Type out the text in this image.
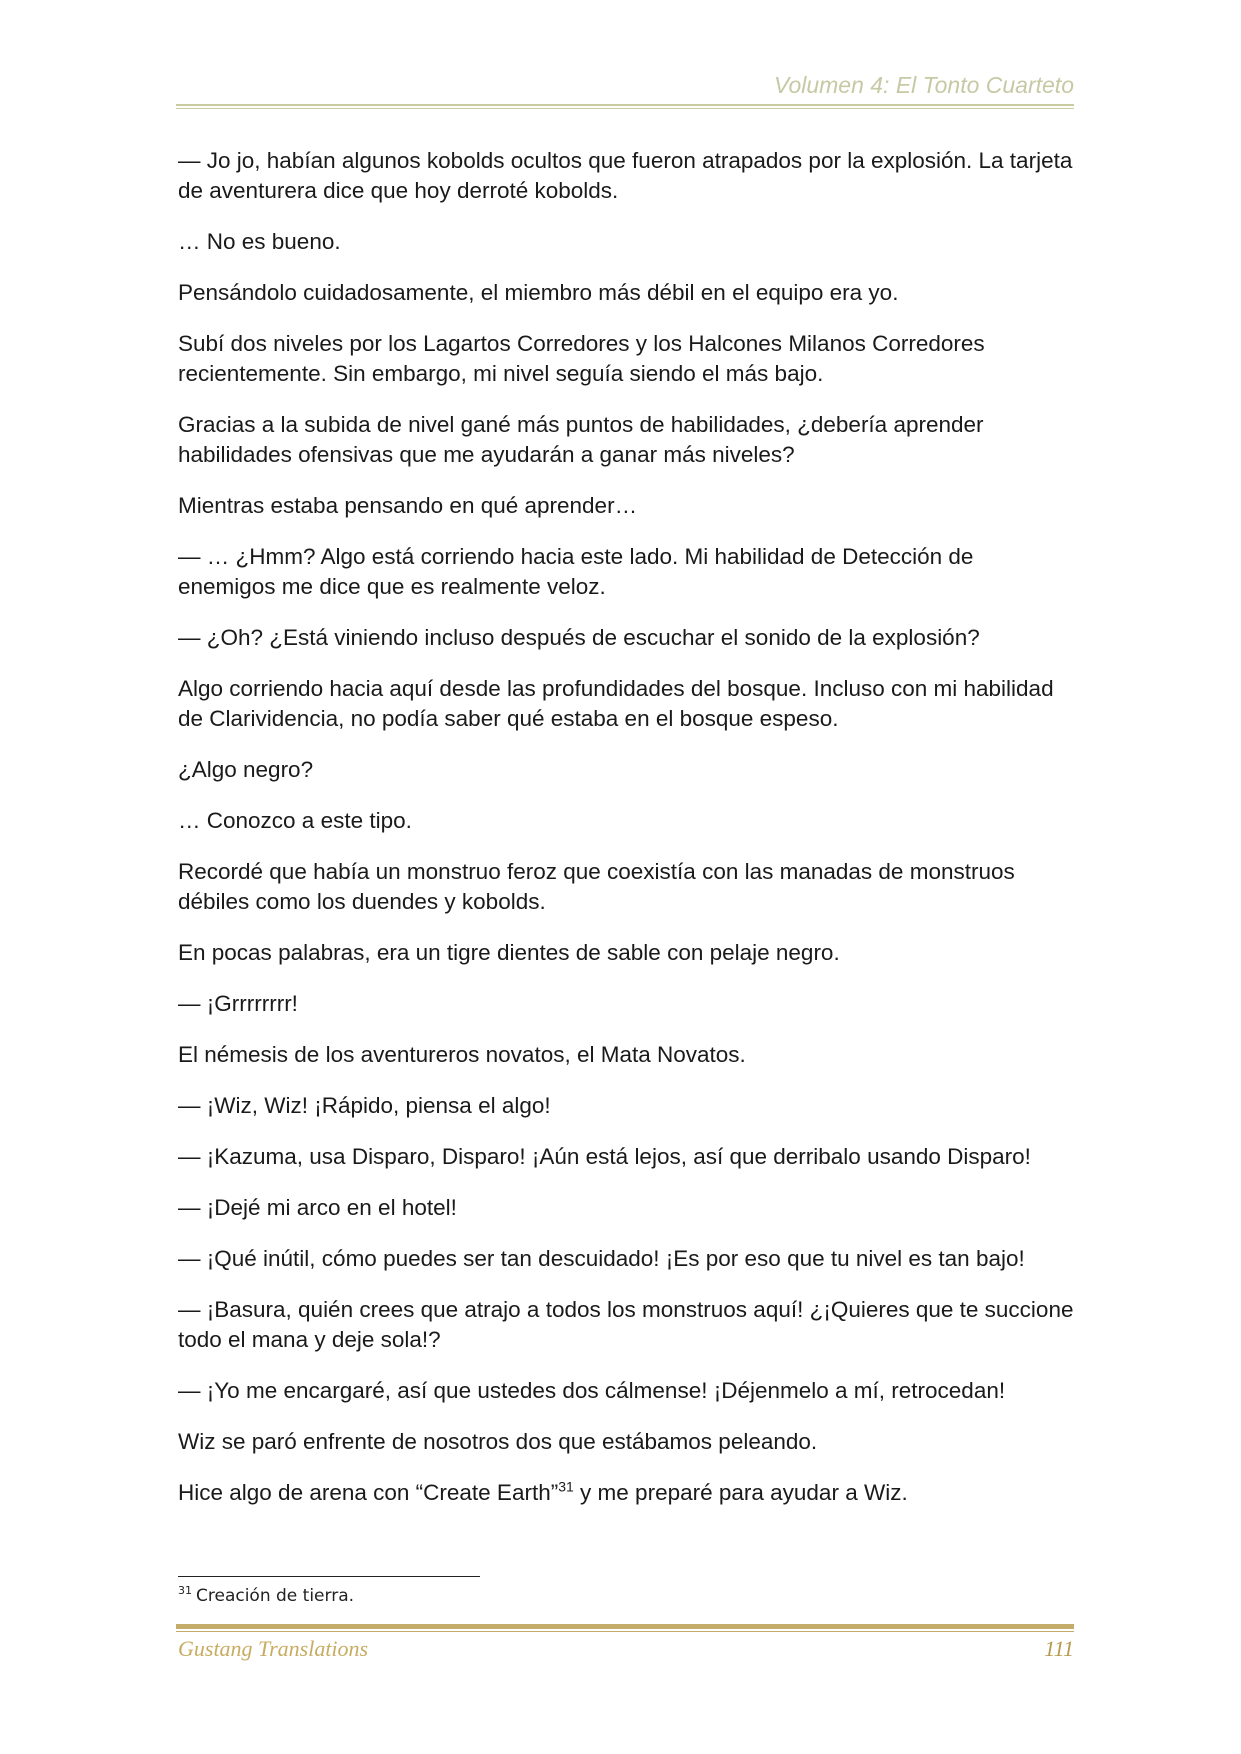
Volumen 4: El Tonto Cuarteto

— Jo jo, habían algunos kobolds ocultos que fueron atrapados por la explosión. La tarjeta de aventurera dice que hoy derroté kobolds.

… No es bueno.

Pensándolo cuidadosamente, el miembro más débil en el equipo era yo.

Subí dos niveles por los Lagartos Corredores y los Halcones Milanos Corredores recientemente. Sin embargo, mi nivel seguía siendo el más bajo.

Gracias a la subida de nivel gané más puntos de habilidades, ¿debería aprender habilidades ofensivas que me ayudarán a ganar más niveles?

Mientras estaba pensando en qué aprender…

— … ¿Hmm? Algo está corriendo hacia este lado. Mi habilidad de Detección de enemigos me dice que es realmente veloz.

— ¿Oh? ¿Está viniendo incluso después de escuchar el sonido de la explosión?

Algo corriendo hacia aquí desde las profundidades del bosque. Incluso con mi habilidad de Clarividencia, no podía saber qué estaba en el bosque espeso.

¿Algo negro?

… Conozco a este tipo.

Recordé que había un monstruo feroz que coexistía con las manadas de monstruos débiles como los duendes y kobolds.

En pocas palabras, era un tigre dientes de sable con pelaje negro.

— ¡Grrrrrrrr!

El némesis de los aventureros novatos, el Mata Novatos.

— ¡Wiz, Wiz! ¡Rápido, piensa el algo!

— ¡Kazuma, usa Disparo, Disparo! ¡Aún está lejos, así que derribalo usando Disparo!

— ¡Dejé mi arco en el hotel!

— ¡Qué inútil, cómo puedes ser tan descuidado! ¡Es por eso que tu nivel es tan bajo!

— ¡Basura, quién crees que atrajo a todos los monstruos aquí! ¿¡Quieres que te succione todo el mana y deje sola!?

— ¡Yo me encargaré, así que ustedes dos cálmense! ¡Déjenmelo a mí, retrocedan!

Wiz se paró enfrente de nosotros dos que estábamos peleando.

Hice algo de arena con “Create Earth”$^{31}$ y me preparé para ayudar a Wiz.

$^{31}$ Creación de tierra.
Gustang Translations	111
